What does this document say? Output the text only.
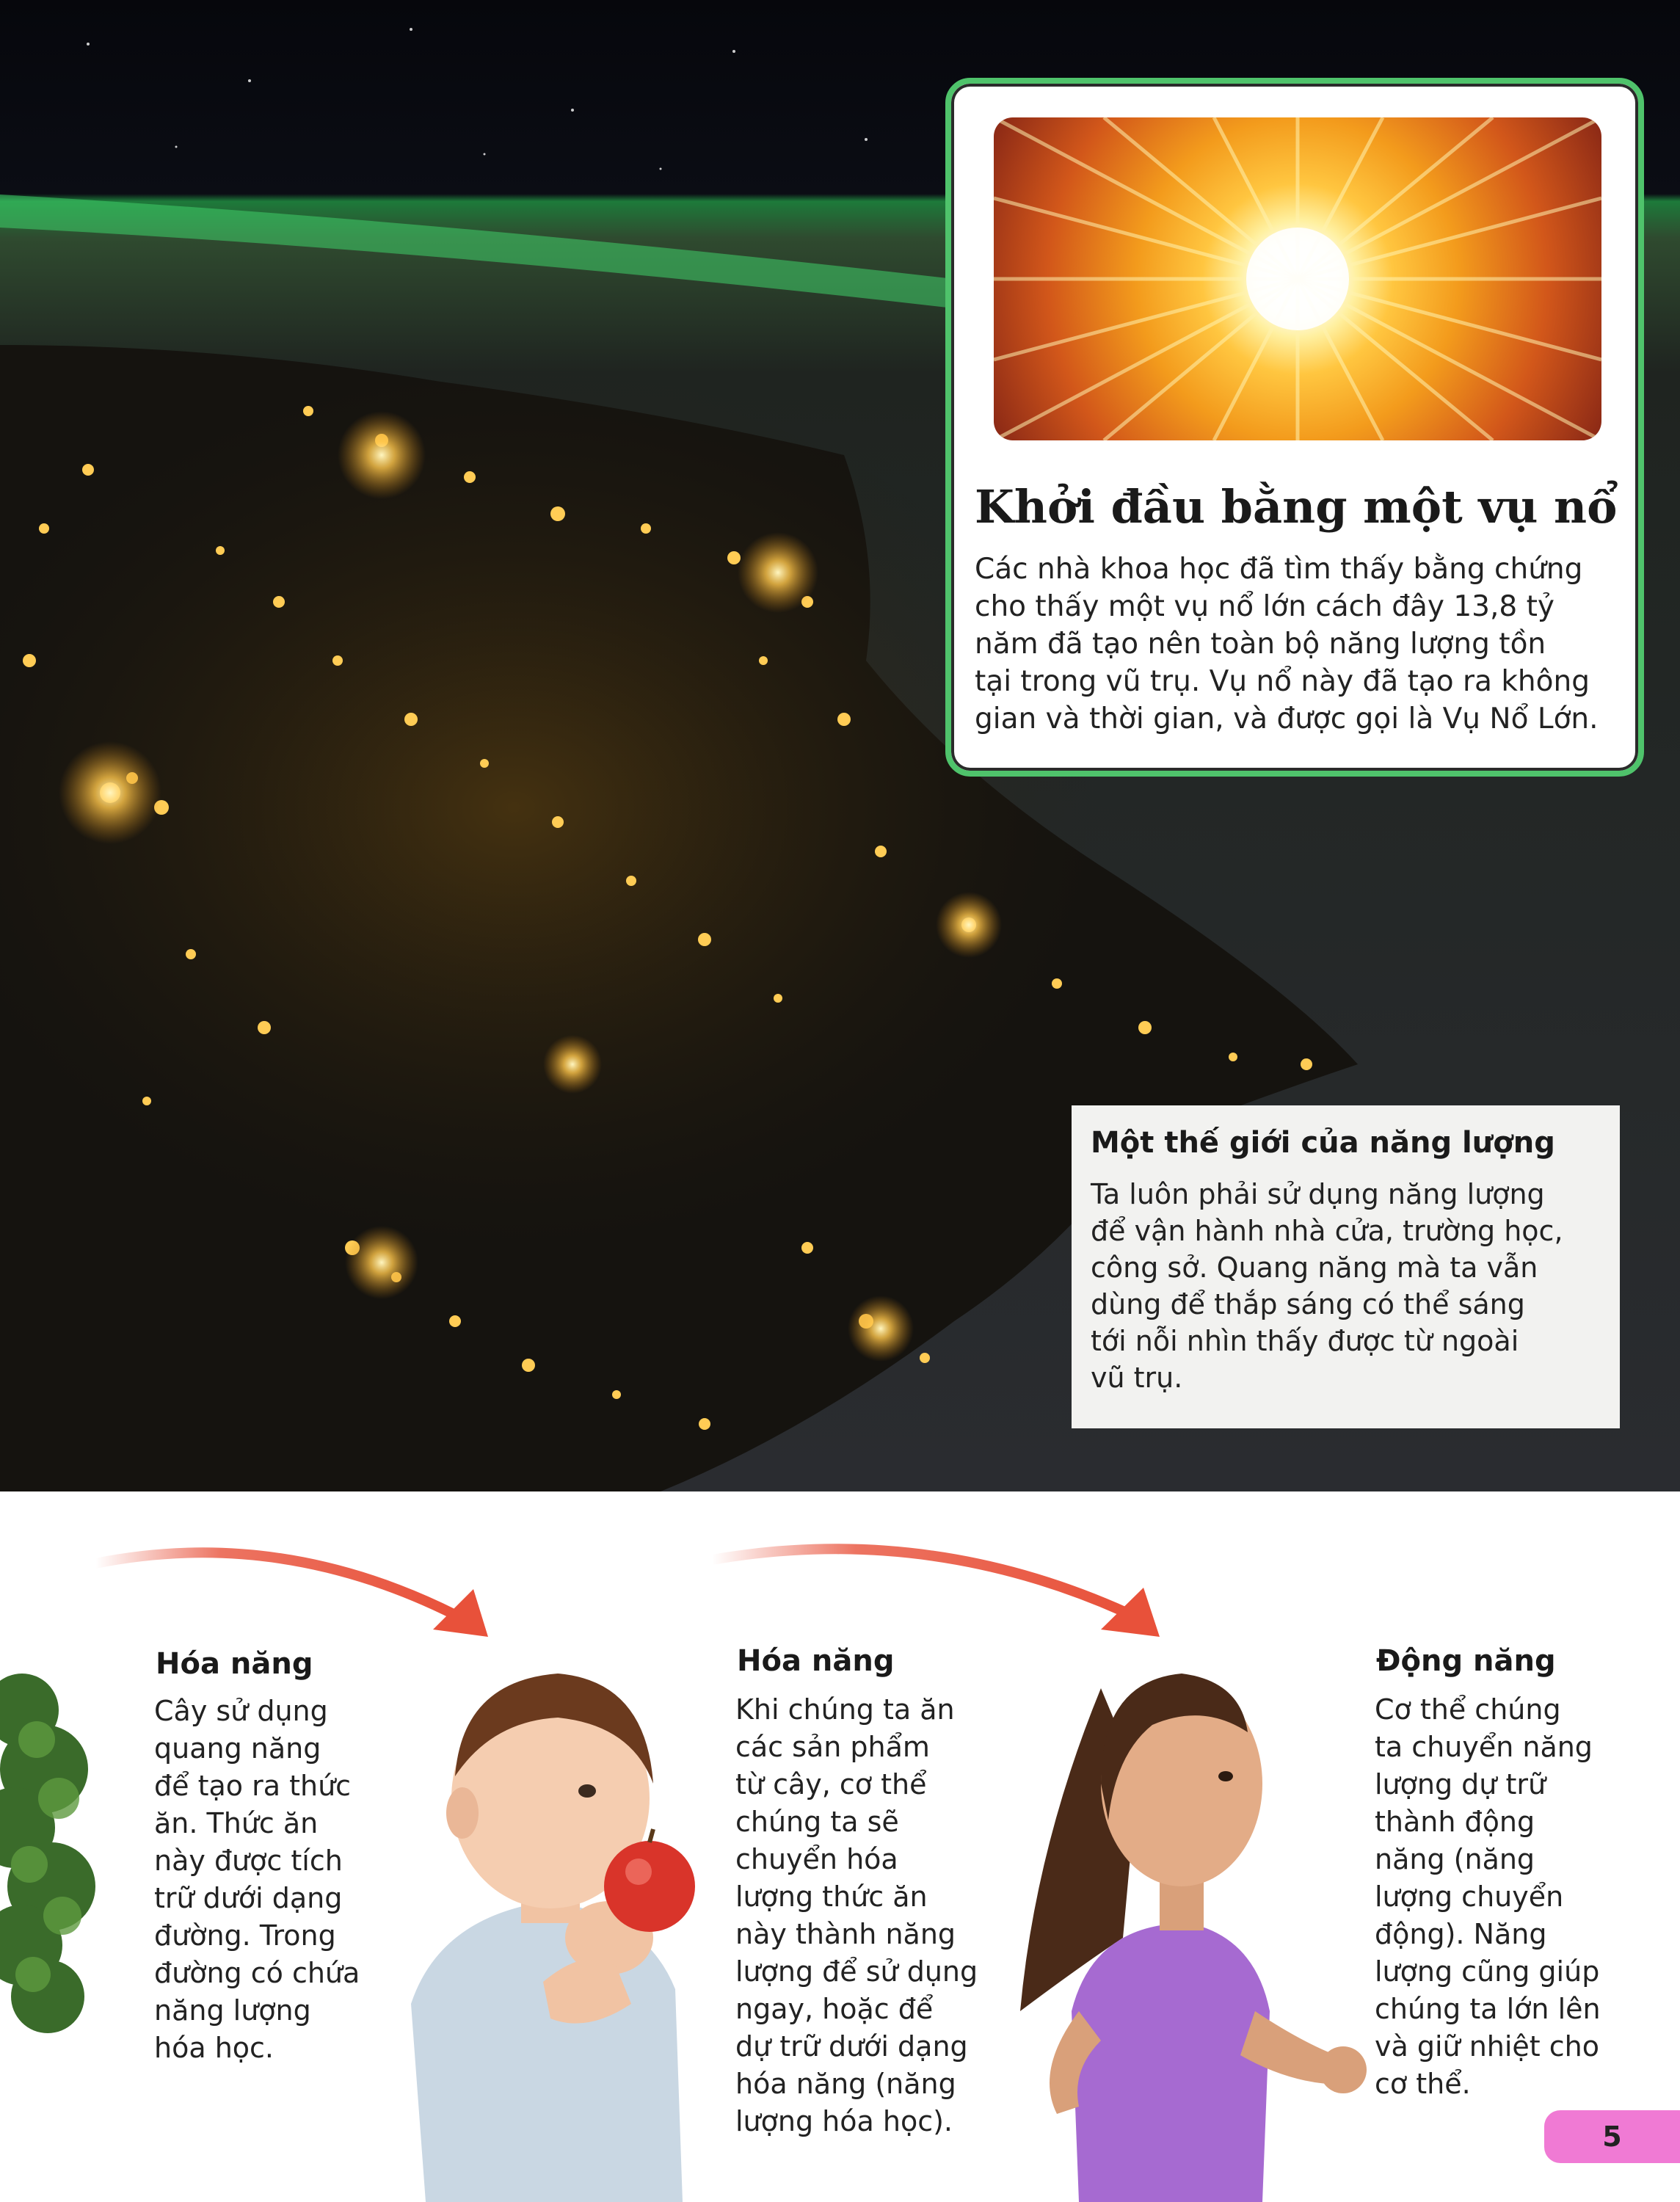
Khởi đầu bằng một vụ nổ
Các nhà khoa học đã tìm thấy bằng chứng
cho thấy một vụ nổ lớn cách đây 13,8 tỷ
năm đã tạo nên toàn bộ năng lượng tồn
tại trong vũ trụ. Vụ nổ này đã tạo ra không
gian và thời gian, và được gọi là Vụ Nổ Lớn.
Một thế giới của năng lượng
Ta luôn phải sử dụng năng lượng
để vận hành nhà cửa, trường học,
công sở. Quang năng mà ta vẫn
dùng để thắp sáng có thể sáng
tới nỗi nhìn thấy được từ ngoài
vũ trụ.
Hóa năng
Cây sử dụng
quang năng
để tạo ra thức
ăn. Thức ăn
này được tích
trữ dưới dạng
đường. Trong
đường có chứa
năng lượng
hóa học.
Hóa năng
Khi chúng ta ăn
các sản phẩm
từ cây, cơ thể
chúng ta sẽ
chuyển hóa
lượng thức ăn
này thành năng
lượng để sử dụng
ngay, hoặc để
dự trữ dưới dạng
hóa năng (năng
lượng hóa học).
Động năng
Cơ thể chúng
ta chuyển năng
lượng dự trữ
thành động
năng (năng
lượng chuyển
động). Năng
lượng cũng giúp
chúng ta lớn lên
và giữ nhiệt cho
cơ thể.
5
